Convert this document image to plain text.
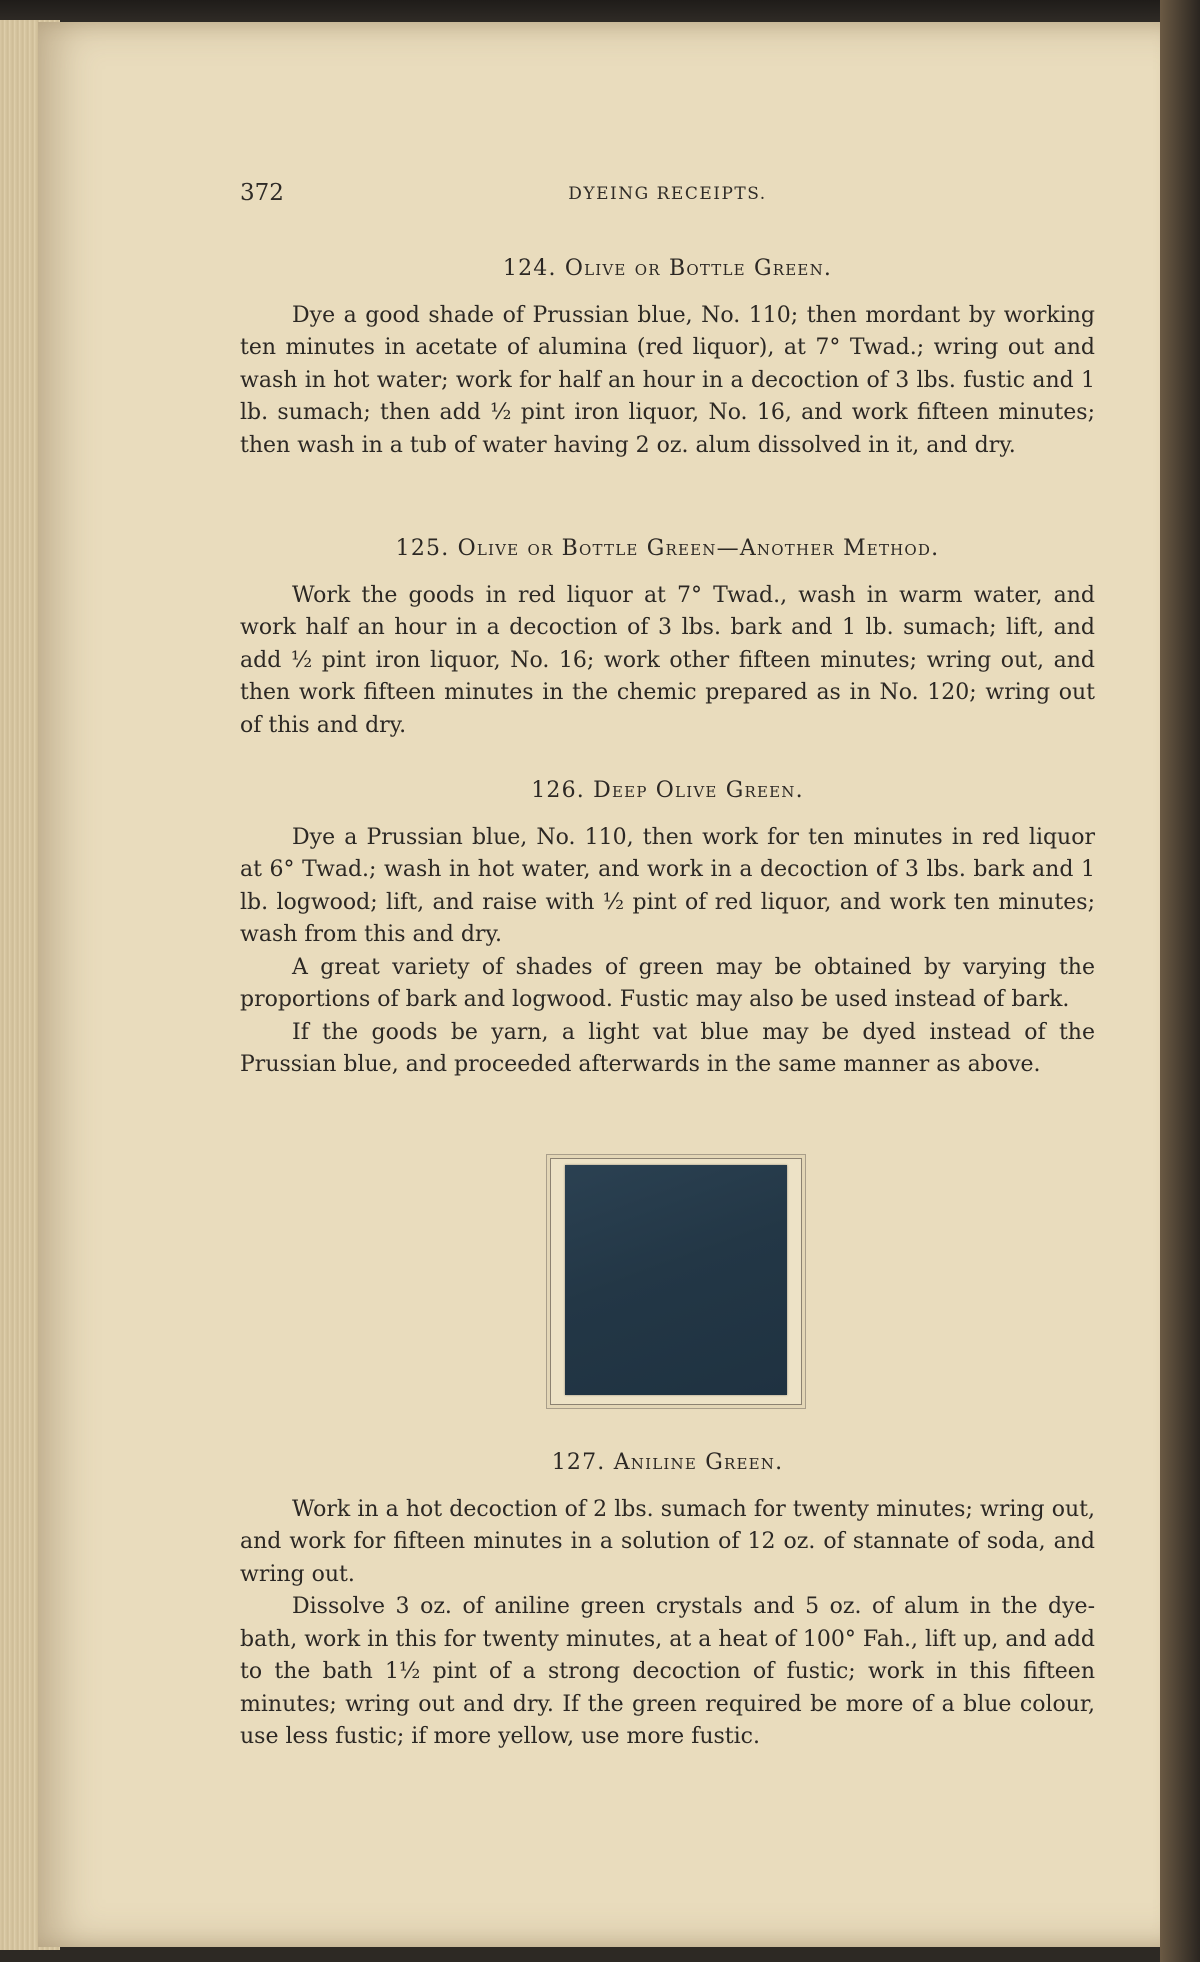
372	DYEING RECEIPTS.

124. Olive or Bottle Green.

Dye a good shade of Prussian blue, No. 110; then mordant by working ten minutes in acetate of alumina (red liquor), at 7° Twad.; wring out and wash in hot water; work for half an hour in a decoction of 3 lbs. fustic and 1 lb. sumach; then add ½ pint iron liquor, No. 16, and work fifteen minutes; then wash in a tub of water having 2 oz. alum dissolved in it, and dry.

125. Olive or Bottle Green—Another Method.

Work the goods in red liquor at 7° Twad., wash in warm water, and work half an hour in a decoction of 3 lbs. bark and 1 lb. sumach; lift, and add ½ pint iron liquor, No. 16; work other fifteen minutes; wring out, and then work fifteen minutes in the chemic prepared as in No. 120; wring out of this and dry.

126. Deep Olive Green.

Dye a Prussian blue, No. 110, then work for ten minutes in red liquor at 6° Twad.; wash in hot water, and work in a decoction of 3 lbs. bark and 1 lb. logwood; lift, and raise with ½ pint of red liquor, and work ten minutes; wash from this and dry.

A great variety of shades of green may be obtained by varying the proportions of bark and logwood. Fustic may also be used instead of bark.

If the goods be yarn, a light vat blue may be dyed instead of the Prussian blue, and proceeded afterwards in the same manner as above.

127. Aniline Green.

Work in a hot decoction of 2 lbs. sumach for twenty minutes; wring out, and work for fifteen minutes in a solution of 12 oz. of stannate of soda, and wring out.

Dissolve 3 oz. of aniline green crystals and 5 oz. of alum in the dye-bath, work in this for twenty minutes, at a heat of 100° Fah., lift up, and add to the bath 1½ pint of a strong decoction of fustic; work in this fifteen minutes; wring out and dry. If the green required be more of a blue colour, use less fustic; if more yellow, use more fustic.
